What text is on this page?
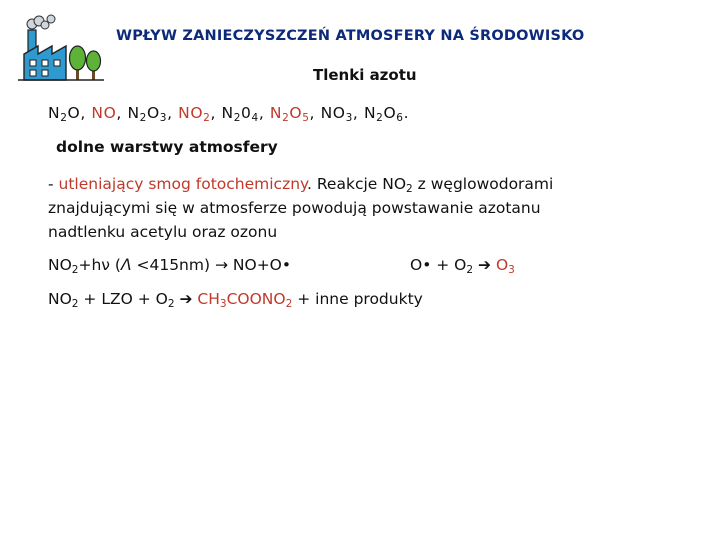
WPŁYW ZANIECZYSZCZEŃ ATMOSFERY NA ŚRODOWISKO
Tlenki azotu
$N_2O$, NO, $N_2O_3$, $NO_2$, $N_20_4$, $N_2O_5$, $NO_3$, $N_2O_6$.
dolne warstwy atmosfery
- utleniający smog fotochemiczny. Reakcje $NO_2$ z węglowodorami
znajdującymi się w atmosferze powodują powstawanie azotanu
nadtlenku acetylu oraz ozonu
$NO_2+h\nu$ (Λ <415nm) → NO+O•	O• + $O_2$ ➔ $O_3$
$NO_2$ + LZO + $O_2$ ➔ $CH_3COONO_2$ + inne produkty
